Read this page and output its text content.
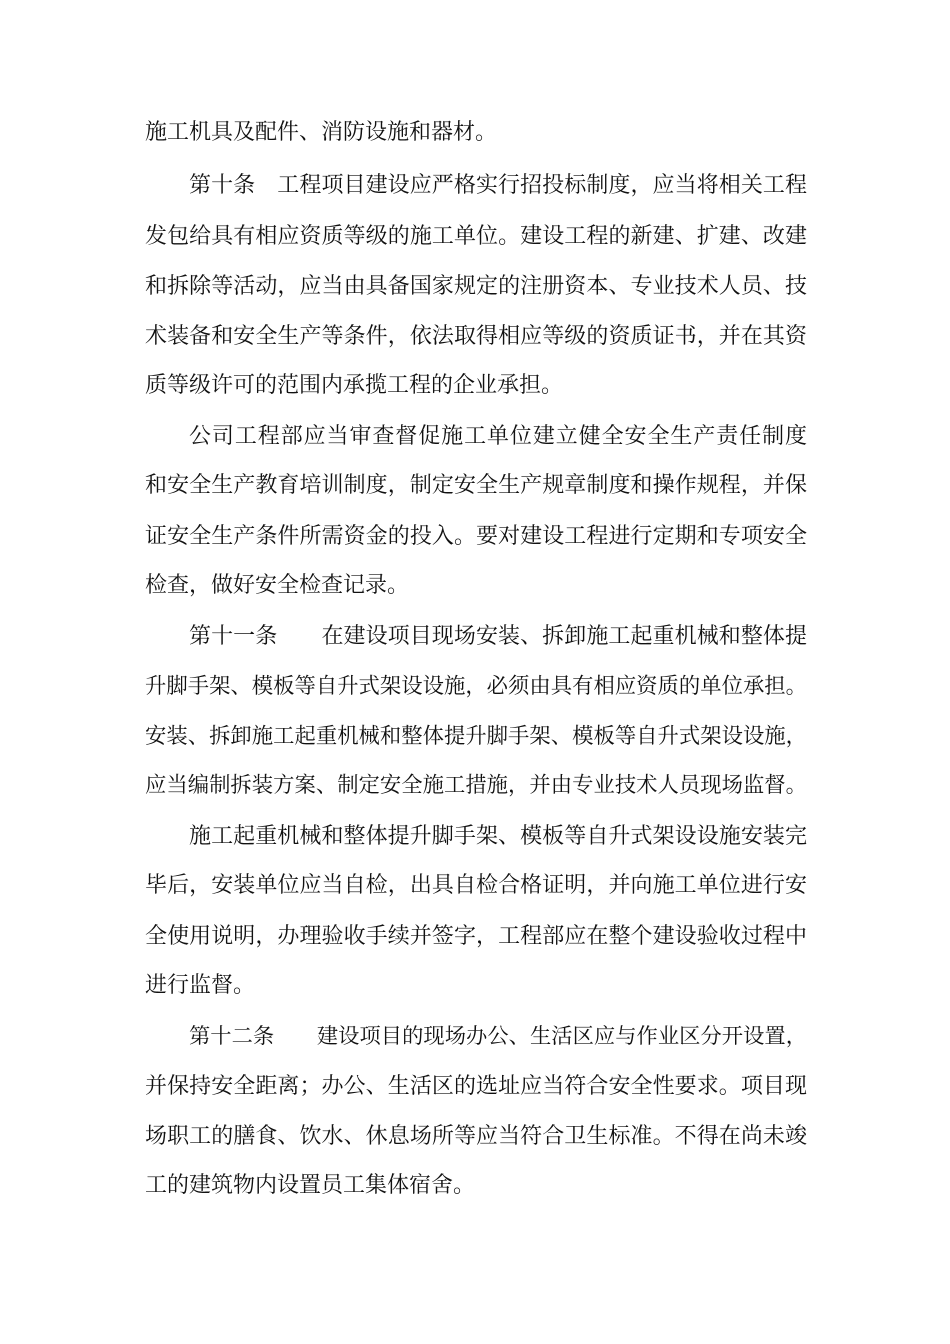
施工机具及配件、消防设施和器材。
第十条　工程项目建设应严格实行招投标制度，应当将相关工程
发包给具有相应资质等级的施工单位。建设工程的新建、扩建、改建
和拆除等活动，应当由具备国家规定的注册资本、专业技术人员、技
术装备和安全生产等条件，依法取得相应等级的资质证书，并在其资
质等级许可的范围内承揽工程的企业承担。
公司工程部应当审查督促施工单位建立健全安全生产责任制度
和安全生产教育培训制度，制定安全生产规章制度和操作规程，并保
证安全生产条件所需资金的投入。要对建设工程进行定期和专项安全
检查，做好安全检查记录。
第十一条　　在建设项目现场安装、拆卸施工起重机械和整体提
升脚手架、模板等自升式架设设施，必须由具有相应资质的单位承担。
安装、拆卸施工起重机械和整体提升脚手架、模板等自升式架设设施，
应当编制拆装方案、制定安全施工措施，并由专业技术人员现场监督。
施工起重机械和整体提升脚手架、模板等自升式架设设施安装完
毕后，安装单位应当自检，出具自检合格证明，并向施工单位进行安
全使用说明，办理验收手续并签字，工程部应在整个建设验收过程中
进行监督。
第十二条　　建设项目的现场办公、生活区应与作业区分开设置，
并保持安全距离；办公、生活区的选址应当符合安全性要求。项目现
场职工的膳食、饮水、休息场所等应当符合卫生标准。不得在尚未竣
工的建筑物内设置员工集体宿舍。
